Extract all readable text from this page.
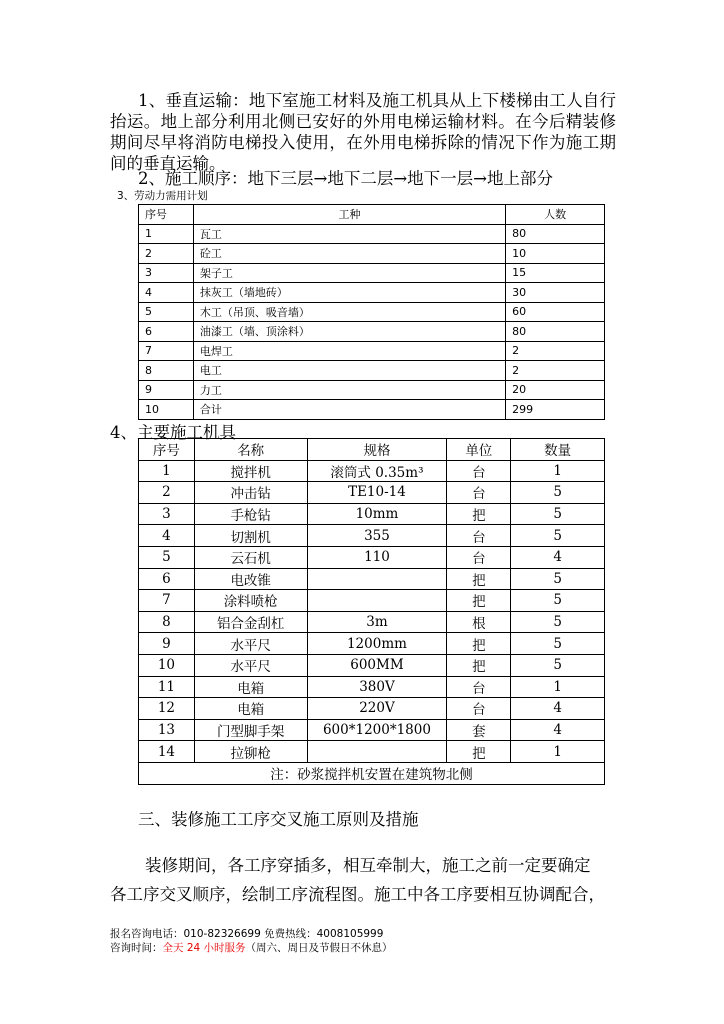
1、垂直运输：地下室施工材料及施工机具从上下楼梯由工人自行抬运。地上部分利用北侧已安好的外用电梯运输材料。在今后精装修期间尽早将消防电梯投入使用，在外用电梯拆除的情况下作为施工期间的垂直运输。
2、施工顺序：地下三层→地下二层→地下一层→地上部分
3、劳动力需用计划
序号	工种	人数
1	瓦工	80
2	砼工	10
3	架子工	15
4	抹灰工（墙地砖）	30
5	木工（吊顶、吸音墙）	60
6	油漆工（墙、顶涂料）	80
7	电焊工	2
8	电工	2
9	力工	20
10	合计	299
4、主要施工机具
序号	名称	规格	单位	数量
1	搅拌机	滚筒式 0.35m³	台	1
2	冲击钻	TE10-14	台	5
3	手枪钻	10mm	把	5
4	切割机	355	台	5
5	云石机	110	台	4
6	电改锥		把	5
7	涂料喷枪		把	5
8	铝合金刮杠	3m	根	5
9	水平尺	1200mm	把	5
10	水平尺	600MM	把	5
11	电箱	380V	台	1
12	电箱	220V	台	4
13	门型脚手架	600*1200*1800	套	4
14	拉铆枪		把	1
注：砂浆搅拌机安置在建筑物北侧				
三、装修施工工序交叉施工原则及措施
装修期间，各工序穿插多，相互牵制大，施工之前一定要确定
各工序交叉顺序，绘制工序流程图。施工中各工序要相互协调配合，
报名咨询电话：010-82326699 免费热线：4008105999
咨询时间：全天 24 小时服务（周六、周日及节假日不休息）
